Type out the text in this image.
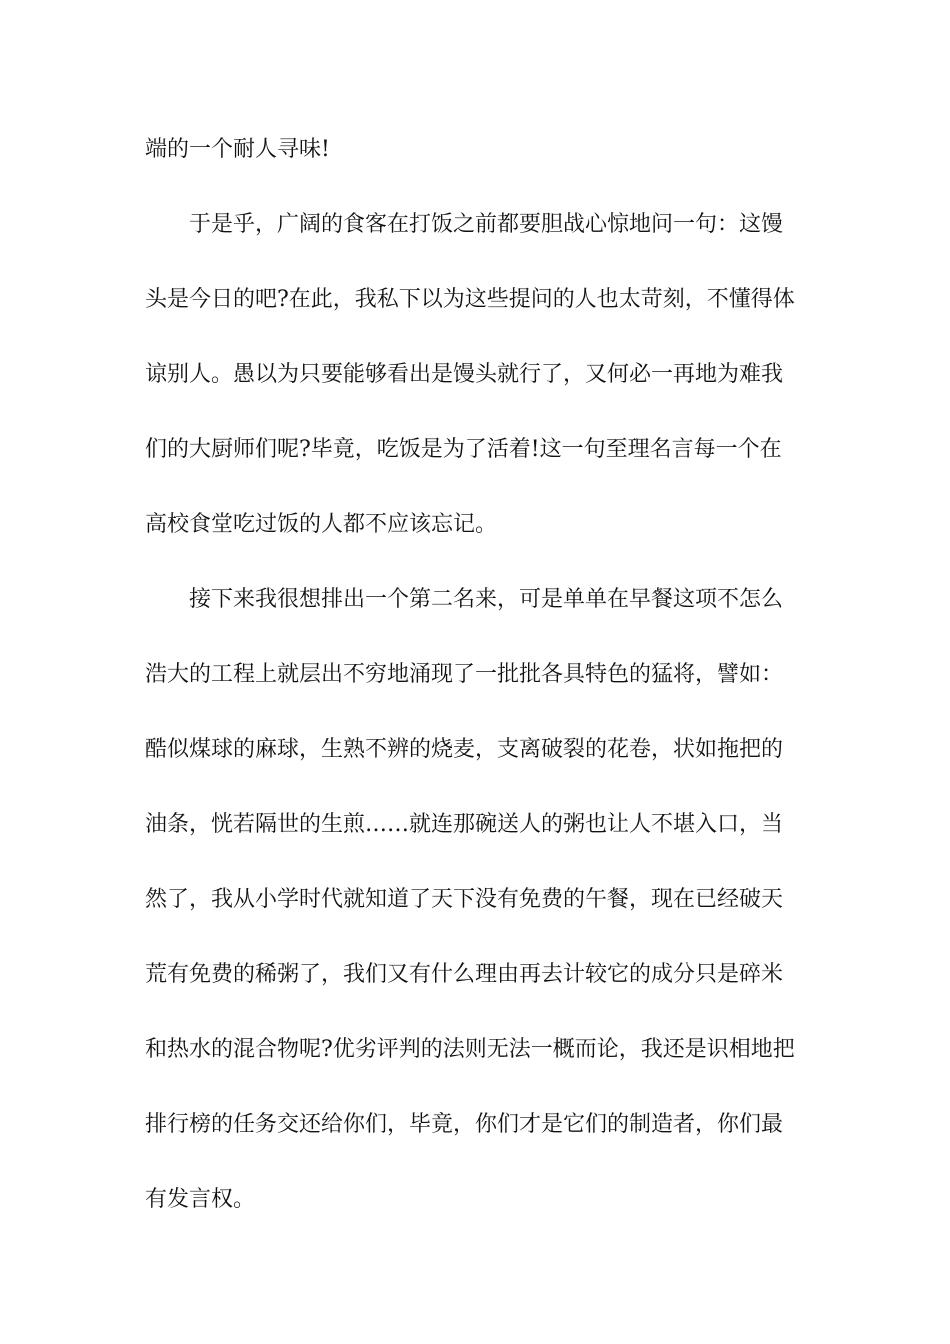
端的一个耐人寻味!

于是乎，广阔的食客在打饭之前都要胆战心惊地问一句：这馒

头是今日的吧?在此，我私下以为这些提问的人也太苛刻，不懂得体

谅别人。愚以为只要能够看出是馒头就行了，又何必一再地为难我

们的大厨师们呢?毕竟，吃饭是为了活着!这一句至理名言每一个在

高校食堂吃过饭的人都不应该忘记。

接下来我很想排出一个第二名来，可是单单在早餐这项不怎么

浩大的工程上就层出不穷地涌现了一批批各具特色的猛将，譬如：

酷似煤球的麻球，生熟不辨的烧麦，支离破裂的花卷，状如拖把的

油条，恍若隔世的生煎……就连那碗送人的粥也让人不堪入口，当

然了，我从小学时代就知道了天下没有免费的午餐，现在已经破天

荒有免费的稀粥了，我们又有什么理由再去计较它的成分只是碎米

和热水的混合物呢?优劣评判的法则无法一概而论，我还是识相地把

排行榜的任务交还给你们，毕竟，你们才是它们的制造者，你们最

有发言权。
